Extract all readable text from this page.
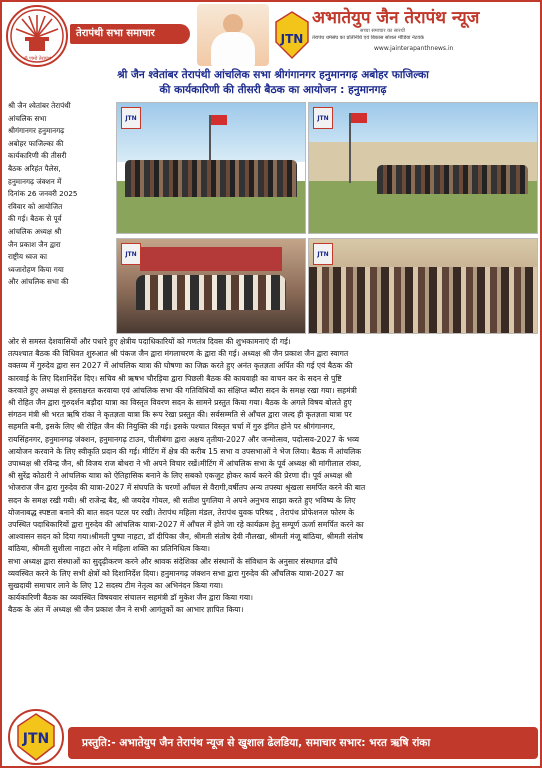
ॐ णमो तेरापंथ
तेरापंथी सभा समाचार	JTN
अभातेयुप जैन तेरापंथ न्यूज
सच्चा समाचार का सारथी
तेरापंथ धर्मसंघ का प्रतिनिधि एवं बिकास सोशल मीडिया नेटवर्क
www.jainterapanthnews.in
श्री जैन श्वेतांबर तेरापंथी आंचलिक सभा श्रीगंगानगर हनुमानगढ़ अबोहर फाजिल्का
की कार्यकारिणी की तीसरी बैठक का आयोजन : हनुमानगढ़
श्री जैन श्वेतांबर तेरापंथी
आंचलिक सभा
श्रीगंगानगर हनुमानगढ़
अबोहर फाजिल्का की
कार्यकारिणी की तीसरी
बैठक अरिहंत पैलेस,
हनुमानगढ़ जंक्शन में
दिनांक 26 जनवरी 2025
रविवार को आयोजित
की गई। बैठक से पूर्व
आंचलिक अध्यक्ष श्री
जैन प्रकाश जैन द्वारा
राष्ट्रीय ध्वज का
ध्वजारोहण किया गया
और आंचलिक सभा की
JTN	JTN
JTN	JTN
ओर से समस्त देशवासियों और पधारे हुए क्षेत्रीय पदाधिकारियों को गणतंत्र दिवस की शुभकामनाएं दी गई।
तत्पश्चात बैठक की विधिवत शुरुआत श्री पंकज जैन द्वारा मंगलाचरण के द्वारा की गई। अध्यक्ष श्री जैन प्रकाश जैन द्वारा स्वागत
वक्तव्य में गुरुदेव द्वारा सन 2027 में आंचलिक यात्रा की घोषणा का जिक्र करते हुए अनंत कृतज्ञता अर्पित की गई एवं बैठक की
कारवाई के लिए दिशानिर्देश दिए। सचिव श्री ऋषभ चौरड़िया द्वारा पिछली बैठक की कायवाही का वाचन कर के सदन से पुष्टि
करवाते हुए अध्यक्ष से हस्ताक्षरत करवाया एवं आंचलिक सभा की गतिविधियों का संक्षिप्त ब्यौरा सदन के समक्ष रखा गया। सहमंत्री
श्री रोहित जैन द्वारा गुरुदर्शन बड़ौदा यात्रा का विस्तृत विवरण सदन के सामने प्रस्तुत किया गया। बैठक के अगले विषय बोलते हुए
संगठन मंत्री श्री भरत ऋषि रांका ने कृतज्ञता यात्रा कि रूप रेखा प्रस्तुत की। सर्वसम्मति से आँचल द्वारा जल्द ही कृतज्ञता यात्रा पर
सहमति बनी, इसके लिए श्री रोहित जैन की नियुक्ति की गई। इसके पश्चात विस्तृत चर्चा में गुरु इंगित होने पर श्रीगंगानगर,
रायसिंहनगर, हनुमानगढ़ जंक्शन, हनुमानगढ़ टाउन, पीलीबंगा द्वारा अक्षय तृतीया-2027 और जन्मोत्सव, पदोत्सव-2027 के भव्य
आयोजन करवाने के लिए स्वीकृति प्रदान की गई। मीटिंग में क्षेत्र की करीब 15 सभा व उपसभाओं ने भेज लिया। बैठक में आंचलिक
उपाध्यक्ष श्री रविन्द्र जैन, श्री विजय राज बोथरा ने भी अपने विचार रखें।मीटिंग में आंचलिक सभा के पूर्व अध्यक्ष श्री मांगीलाल रांका,
श्री सुरेंद्र कोठारी ने आंचलिक यात्रा को ऐतिहासिक बनाने के लिए सबको एकजुट होकर कार्य करने की प्रेरणा दी। पूर्व अध्यक्ष श्री
भोजराज जैन द्वारा गुरुदेव की यात्रा-2027 में संघपति के चरणों आँचल से वैरागी,वर्षीतप अन्य तपस्या श्रृंखला समर्पित करने की बात
सदन के समक्ष रखी गयी। श्री राजेन्द्र बैद, श्री जयदेव गोयल, श्री सतीश पुगलिया ने अपने अनुभव साझा करते हुए भविष्य के लिए
योजनाबद्ध स्पष्टता बनाने की बात सदन पटल पर रखी। तेरापंथ महिला मंडल, तेरापंथ युवक परिषद , तेरापंथ प्रोफेशनल फोरम के
उपस्थित पदाधिकारियों द्वारा गुरुदेव की आंचलिक यात्रा-2027 में आँचल में होने जा रहे कार्यक्रम हेतु सम्पूर्ण ऊर्जा समर्पित करने का
आश्वासन सदन को दिया गया।श्रीमती पुष्पा नाहटा, डॉ दीपिका जैन, श्रीमती संतोष देवी नौलखा, श्रीमती मंजू बांठिया, श्रीमती संतोष
बांठिया, श्रीमती सुशीला नाहटा ओर ने महिला शक्ति का प्रतिनिधित्व किया।
सभा अध्यक्ष द्वारा संस्थाओं का सुदृढ़ीकरण करने और श्रावक संदेशिका और संस्थानों के संविधान के अनुसार संस्थागत ढाँचे
व्यवस्थित करने के लिए सभी क्षेत्रों को दिशानिर्देश दिया। हनुमानगढ़ जंक्शन सभा द्वारा गुरुदेव की आँचलिक यात्रा-2027 का
सुखदायी समाचार लाने के लिए 12 सदस्य टीम नेतृत्व का अभिनंदन किया गया।
कार्यकारिणी बैठक का व्यवस्थित विषयवार संचालन सहमंत्री डॉ मुकेश जैन द्वारा किया गया।
बैठक के अंत में अध्यक्ष श्री जैन प्रकाश जैन ने सभी आगंतुकों का आभार ज्ञापित किया।
JTN	प्रस्तुति:- अभातेयुप जैन तेरापंथ न्यूज से खुशाल ढेलडिया, समाचार सभार: भरत ऋषि रांका
